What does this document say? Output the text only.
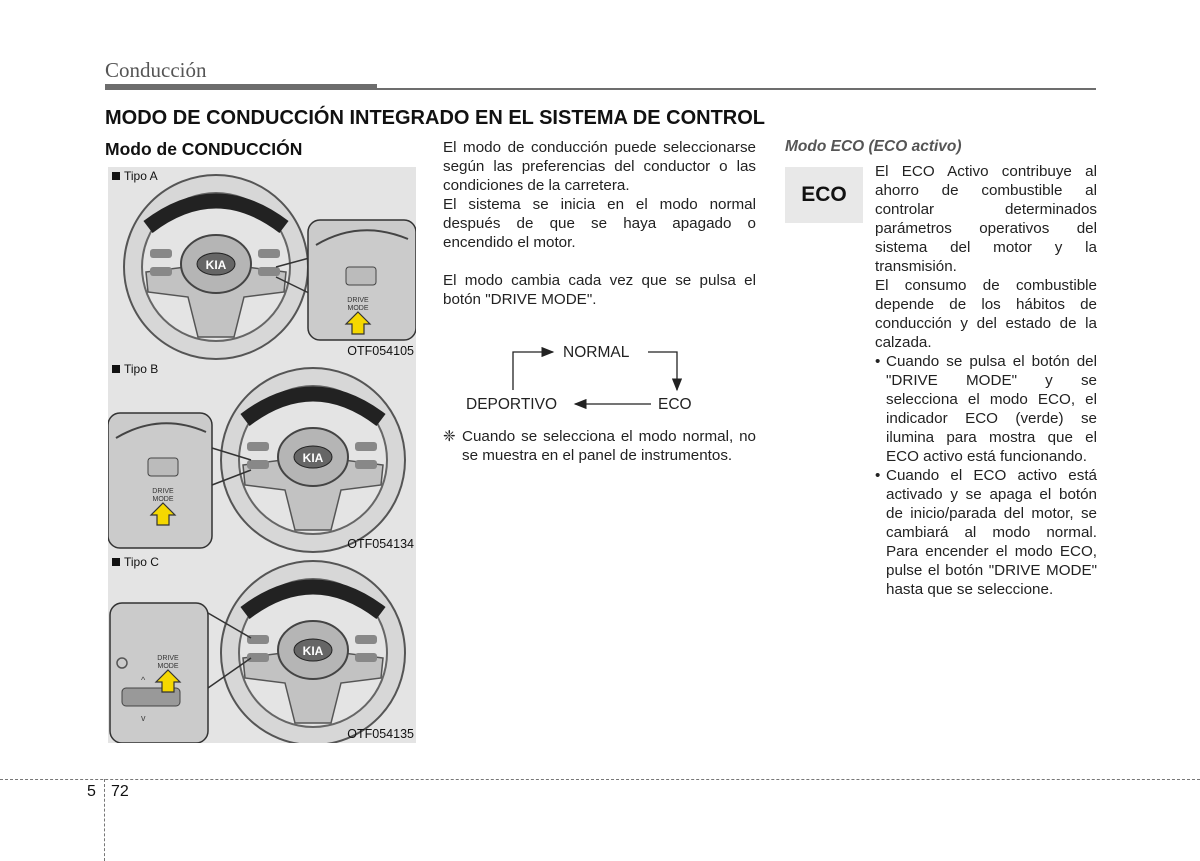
Conducción
MODO DE CONDUCCIÓN INTEGRADO EN EL SISTEMA DE CONTROL
Modo de CONDUCCIÓN
Tipo A
KIA
DRIVE
MODE
OTF054105
Tipo B
KIA
DRIVE
MODE
OTF054134
Tipo C
KIA
^
v
DRIVE
MODE
OTF054135

El modo de conducción puede seleccionarse según las preferencias del conductor o las condiciones de la carretera.

El sistema se inicia en el modo normal después de que se haya apagado o encendido el motor.

El modo cambia cada vez que se pulsa el botón "DRIVE MODE".

NORMAL
DEPORTIVO	ECO
❈ Cuando se selecciona el modo normal, no se muestra en el panel de instrumentos.

Modo ECO (ECO activo)
ECO

El ECO Activo contribuye al ahorro de combustible al controlar determinados parámetros operativos del sistema del motor y la transmisión.

El consumo de combustible depende de los hábitos de conducción y del estado de la calzada.

• Cuando se pulsa el botón del "DRIVE MODE" y se selecciona el modo ECO, el indicador ECO (verde) se ilumina para mostra que el ECO activo está funcionando.

• Cuando el ECO activo está activado y se apaga el botón de inicio/parada del motor, se cambiará al modo normal. Para encender el modo ECO, pulse el botón "DRIVE MODE" hasta que se seleccione.

5 72
